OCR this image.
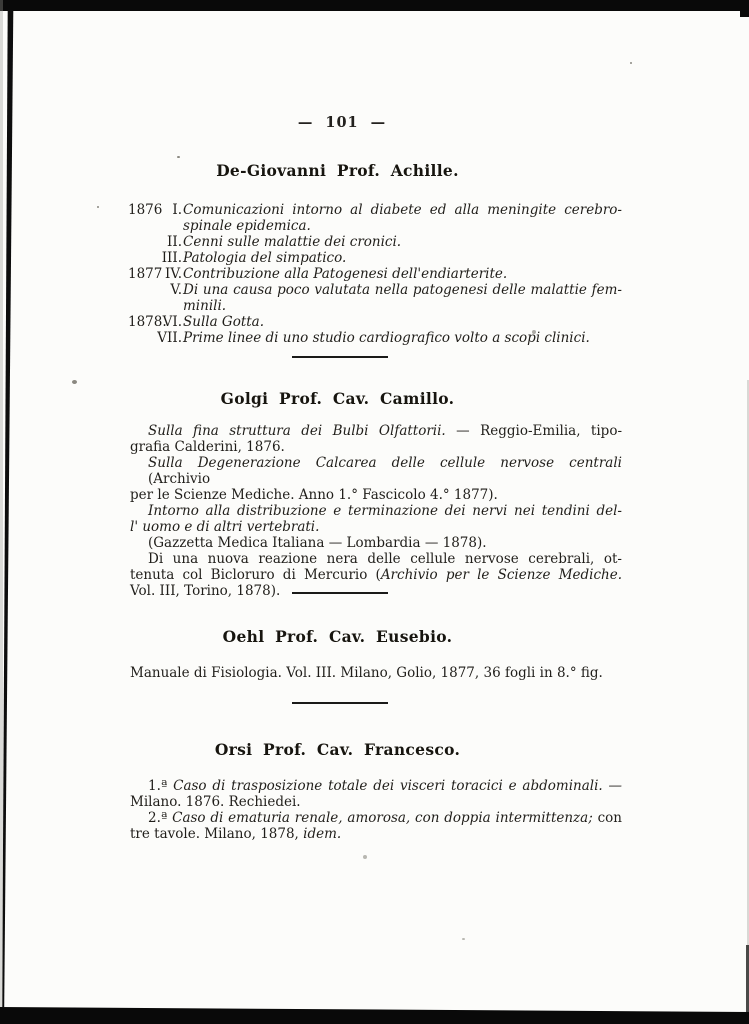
— 101 —
De-Giovanni Prof. Achille.
1876 I. Comunicazioni intorno al diabete ed alla meningite cerebro-
spinale epidemica.
II. Cenni sulle malattie dei cronici.
III. Patologia del simpatico.
1877 IV. Contribuzione alla Patogenesi dell'endiarterite.
V. Di una causa poco valutata nella patogenesi delle malattie fem-
minili.
1878.
VI. Sulla Gotta.
VII. Prime linee di uno studio cardiografico volto a scopi clinici.
Golgi Prof. Cav. Camillo.
Sulla fina struttura dei Bulbi Olfattorii. — Reggio-Emilia, tipo-
grafia Calderini, 1876.
Sulla Degenerazione Calcarea delle cellule nervose centrali (Archivio
per le Scienze Mediche. Anno 1.° Fascicolo 4.° 1877).
Intorno alla distribuzione e terminazione dei nervi nei tendini del-
l' uomo e di altri vertebrati.
(Gazzetta Medica Italiana — Lombardia — 1878).
Di una nuova reazione nera delle cellule nervose cerebrali, ot-
tenuta col Bicloruro di Mercurio (Archivio per le Scienze Mediche.
Vol. III, Torino, 1878).
Oehl Prof. Cav. Eusebio.
Manuale di Fisiologia. Vol. III. Milano, Golio, 1877, 36 fogli in 8.° fig.
Orsi Prof. Cav. Francesco.
1.ª Caso di trasposizione totale dei visceri toracici e abdominali. —
Milano. 1876. Rechiedei.
2.ª Caso di ematuria renale, amorosa, con doppia intermittenza; con
tre tavole. Milano, 1878, idem.
